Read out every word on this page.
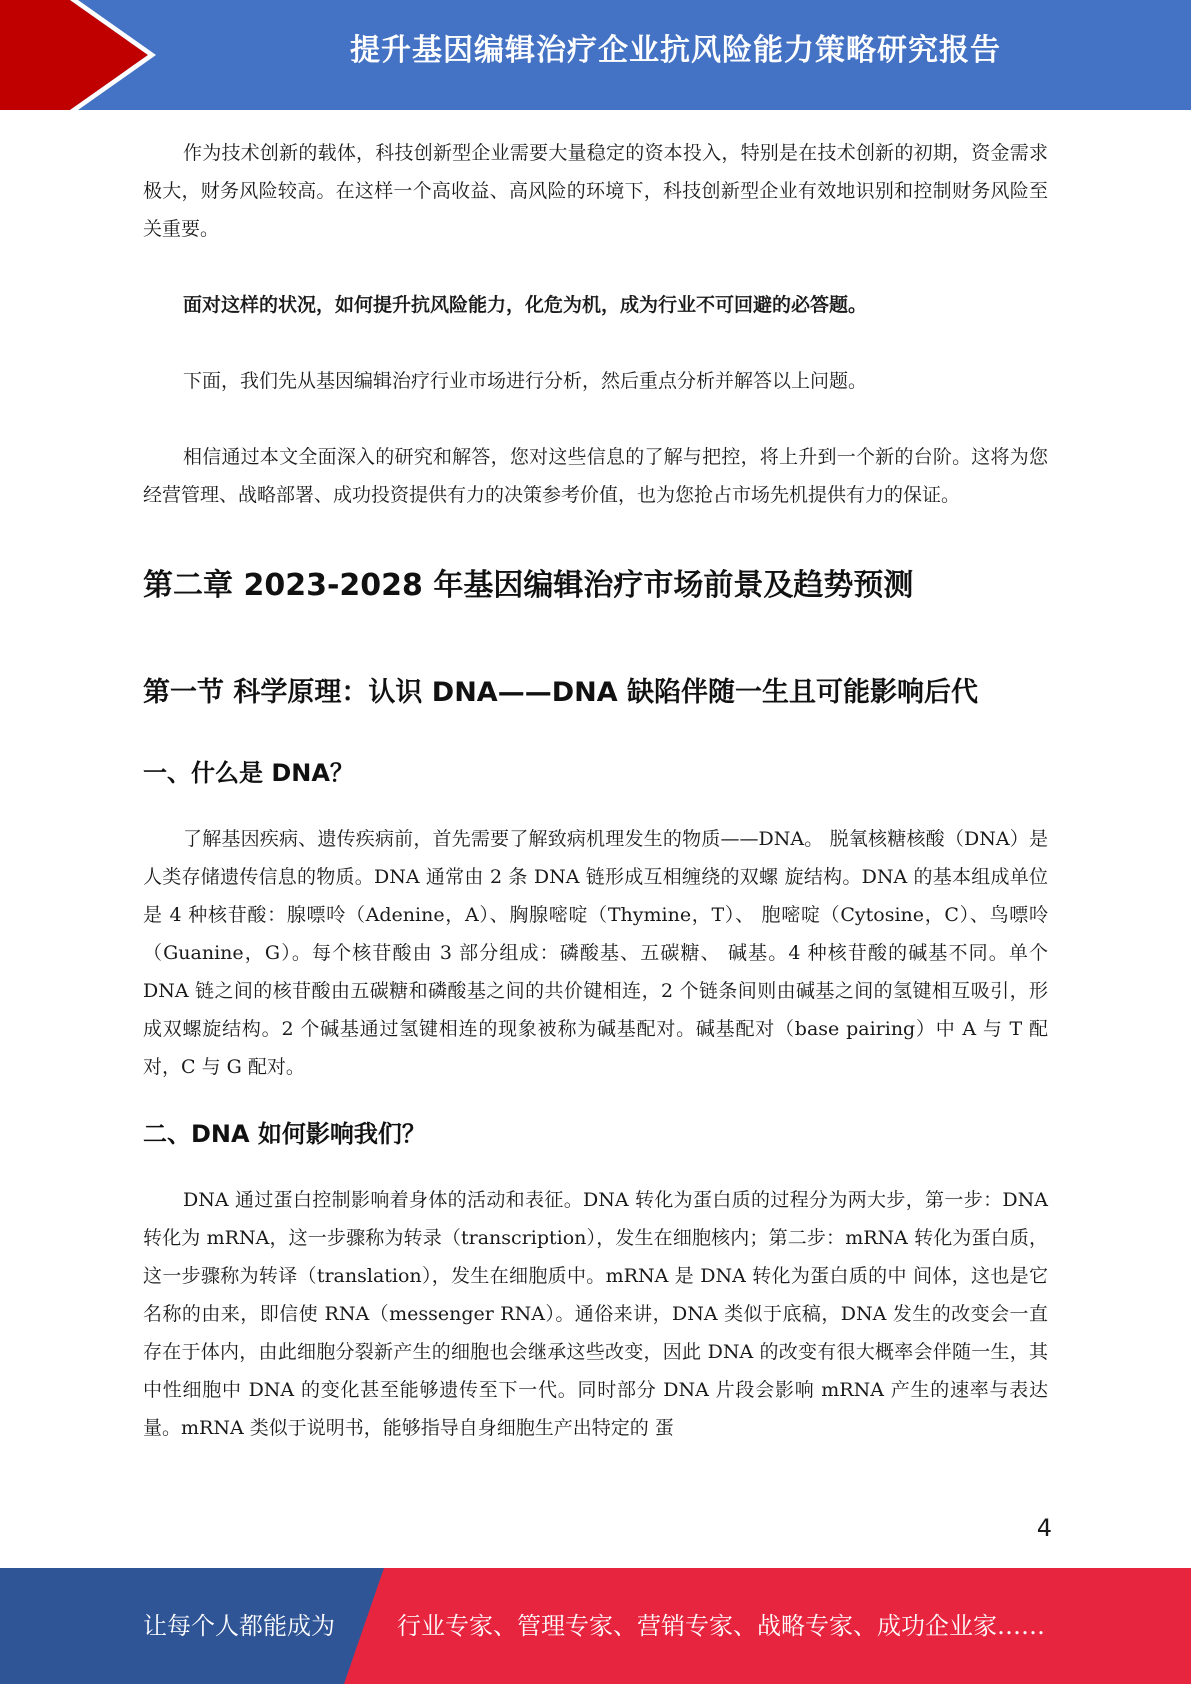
提升基因编辑治疗企业抗风险能力策略研究报告

作为技术创新的载体，科技创新型企业需要大量稳定的资本投入，特别是在技术创新的初期，资金需求极大，财务风险较高。在这样一个高收益、高风险的环境下，科技创新型企业有效地识别和控制财务风险至关重要。

面对这样的状况，如何提升抗风险能力，化危为机，成为行业不可回避的必答题。

下面，我们先从基因编辑治疗行业市场进行分析，然后重点分析并解答以上问题。

相信通过本文全面深入的研究和解答，您对这些信息的了解与把控，将上升到一个新的台阶。这将为您经营管理、战略部署、成功投资提供有力的决策参考价值，也为您抢占市场先机提供有力的保证。

第二章 2023-2028 年基因编辑治疗市场前景及趋势预测
第一节 科学原理：认识 DNA——DNA 缺陷伴随一生且可能影响后代
一、什么是 DNA？

了解基因疾病、遗传疾病前，首先需要了解致病机理发生的物质——DNA。 脱氧核糖核酸（DNA）是人类存储遗传信息的物质。DNA 通常由 2 条 DNA 链形成互相缠绕的双螺 旋结构。DNA 的基本组成单位是 4 种核苷酸：腺嘌呤（Adenine，A）、胸腺嘧啶（Thymine，T）、 胞嘧啶（Cytosine，C）、鸟嘌呤（Guanine，G）。每个核苷酸由 3 部分组成：磷酸基、五碳糖、 碱基。4 种核苷酸的碱基不同。单个 DNA 链之间的核苷酸由五碳糖和磷酸基之间的共价键相连，2 个链条间则由碱基之间的氢键相互吸引，形成双螺旋结构。2 个碱基通过氢键相连的现象被称为碱基配对。碱基配对（base pairing）中 A 与 T 配对，C 与 G 配对。

二、DNA 如何影响我们？

DNA 通过蛋白控制影响着身体的活动和表征。DNA 转化为蛋白质的过程分为两大步，第一步：DNA 转化为 mRNA，这一步骤称为转录（transcription），发生在细胞核内；第二步：mRNA 转化为蛋白质，这一步骤称为转译（translation），发生在细胞质中。mRNA 是 DNA 转化为蛋白质的中 间体，这也是它名称的由来，即信使 RNA（messenger RNA）。通俗来讲，DNA 类似于底稿，DNA 发生的改变会一直存在于体内，由此细胞分裂新产生的细胞也会继承这些改变，因此 DNA 的改变有很大概率会伴随一生，其中性细胞中 DNA 的变化甚至能够遗传至下一代。同时部分 DNA 片段会影响 mRNA 产生的速率与表达量。mRNA 类似于说明书，能够指导自身细胞生产出特定的 蛋

4
让每个人都能成为	行业专家、管理专家、营销专家、战略专家、成功企业家……
